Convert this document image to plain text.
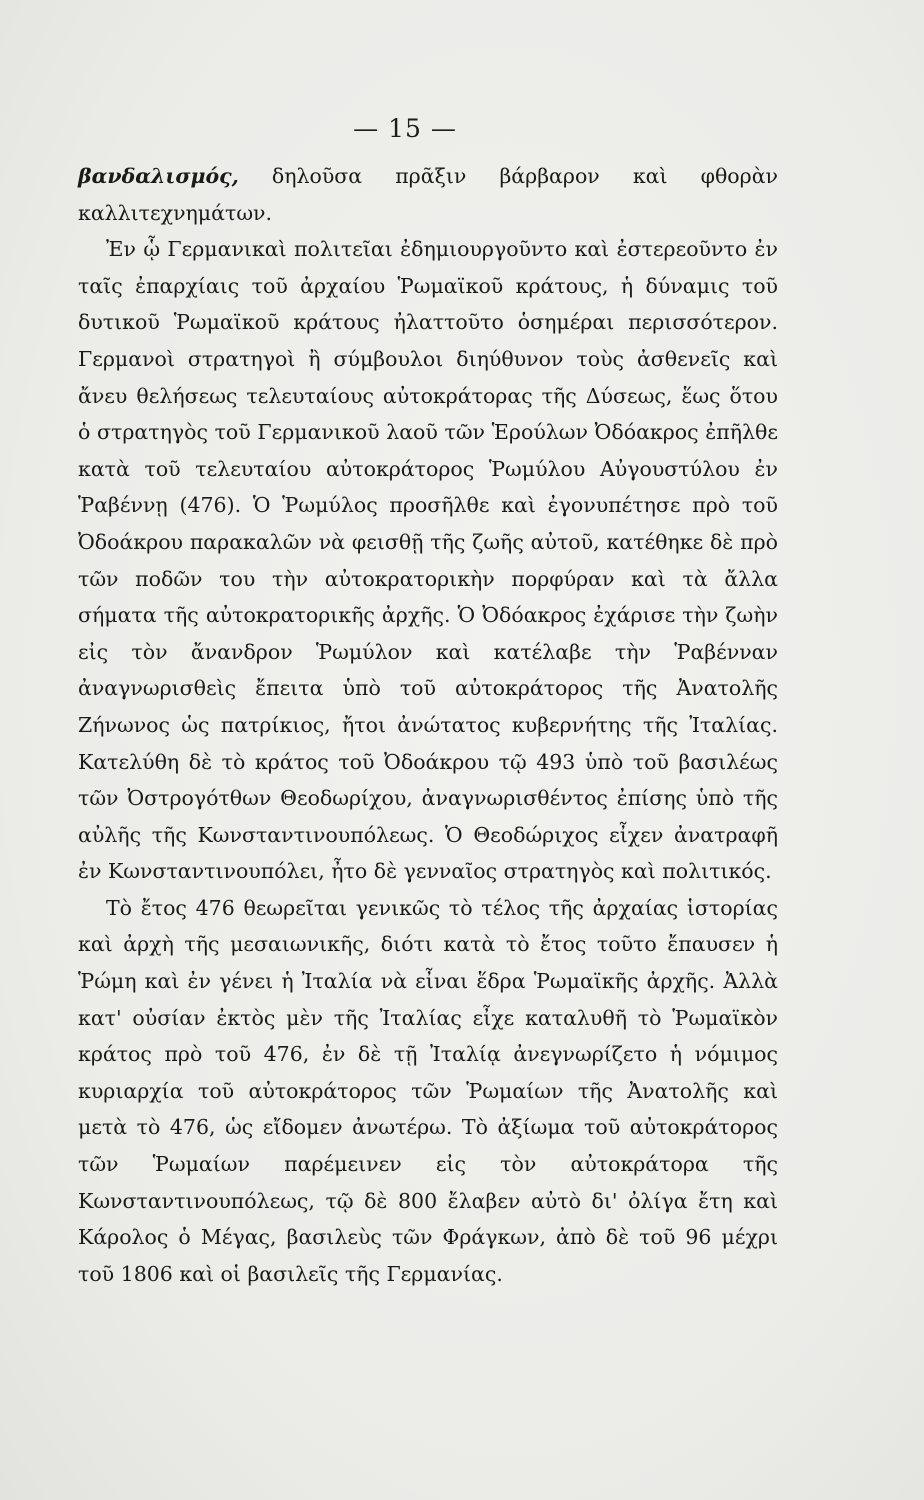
— 15 —

βανδαλισμός, δηλοῦσα πρᾶξιν βάρβαρον καὶ φθορὰν καλλιτεχνημάτων.

Ἐν ᾧ Γερμανικαὶ πολιτεῖαι ἐδημιουργοῦντο καὶ ἐστερεοῦντο ἐν ταῖς ἐπαρχίαις τοῦ ἀρχαίου Ῥωμαϊκοῦ κράτους, ἡ δύναμις τοῦ δυτικοῦ Ῥωμαϊκοῦ κράτους ἠλαττοῦτο ὁσημέραι περισσότερον. Γερμανοὶ στρατηγοὶ ἢ σύμβουλοι διηύθυνον τοὺς ἀσθενεῖς καὶ ἄνευ θελήσεως τελευταίους αὐτοκράτορας τῆς Δύσεως, ἕως ὅτου ὁ στρατηγὸς τοῦ Γερμανικοῦ λαοῦ τῶν Ἑρούλων Ὀδόακρος ἐπῆλθε κατὰ τοῦ τελευταίου αὐτοκράτορος Ῥωμύλου Αὐγουστύλου ἐν Ῥαβέννῃ (476). Ὁ Ῥωμύλος προσῆλθε καὶ ἐγονυπέτησε πρὸ τοῦ Ὀδοάκρου παρακαλῶν νὰ φεισθῇ τῆς ζωῆς αὐτοῦ, κατέθηκε δὲ πρὸ τῶν ποδῶν του τὴν αὐτοκρατορικὴν πορφύραν καὶ τὰ ἄλλα σήματα τῆς αὐτοκρατορικῆς ἀρχῆς. Ὁ Ὀδόακρος ἐχάρισε τὴν ζωὴν εἰς τὸν ἄνανδρον Ῥωμύλον καὶ κατέλαβε τὴν Ῥαβένναν ἀναγνωρισθεὶς ἔπειτα ὑπὸ τοῦ αὐτοκράτορος τῆς Ἀνατολῆς Ζήνωνος ὡς πατρίκιος, ἤτοι ἀνώτατος κυβερνήτης τῆς Ἰταλίας. Κατελύθη δὲ τὸ κράτος τοῦ Ὀδοάκρου τῷ 493 ὑπὸ τοῦ βασιλέως τῶν Ὀστρογότθων Θεοδωρίχου, ἀναγνωρισθέντος ἐπίσης ὑπὸ τῆς αὐλῆς τῆς Κωνσταντινουπόλεως. Ὁ Θεοδώριχος εἶχεν ἀνατραφῆ ἐν Κωνσταντινουπόλει, ἦτο δὲ γενναῖος στρατηγὸς καὶ πολιτικός.

Τὸ ἔτος 476 θεωρεῖται γενικῶς τὸ τέλος τῆς ἀρχαίας ἱστορίας καὶ ἀρχὴ τῆς μεσαιωνικῆς, διότι κατὰ τὸ ἔτος τοῦτο ἔπαυσεν ἡ Ῥώμη καὶ ἐν γένει ἡ Ἰταλία νὰ εἶναι ἕδρα Ῥωμαϊκῆς ἀρχῆς. Ἀλλὰ κατ' οὐσίαν ἐκτὸς μὲν τῆς Ἰταλίας εἶχε καταλυθῆ τὸ Ῥωμαϊκὸν κράτος πρὸ τοῦ 476, ἐν δὲ τῇ Ἰταλίᾳ ἀνεγνωρίζετο ἡ νόμιμος κυριαρχία τοῦ αὐτοκράτορος τῶν Ῥωμαίων τῆς Ἀνατολῆς καὶ μετὰ τὸ 476, ὡς εἴδομεν ἀνωτέρω. Τὸ ἀξίωμα τοῦ αὐτοκράτορος τῶν Ῥωμαίων παρέμεινεν εἰς τὸν αὐτοκράτορα τῆς Κωνσταντινουπόλεως, τῷ δὲ 800 ἔλαβεν αὐτὸ δι' ὀλίγα ἔτη καὶ Κάρολος ὁ Μέγας, βασιλεὺς τῶν Φράγκων, ἀπὸ δὲ τοῦ 96 μέχρι τοῦ 1806 καὶ οἱ βασιλεῖς τῆς Γερμανίας.
